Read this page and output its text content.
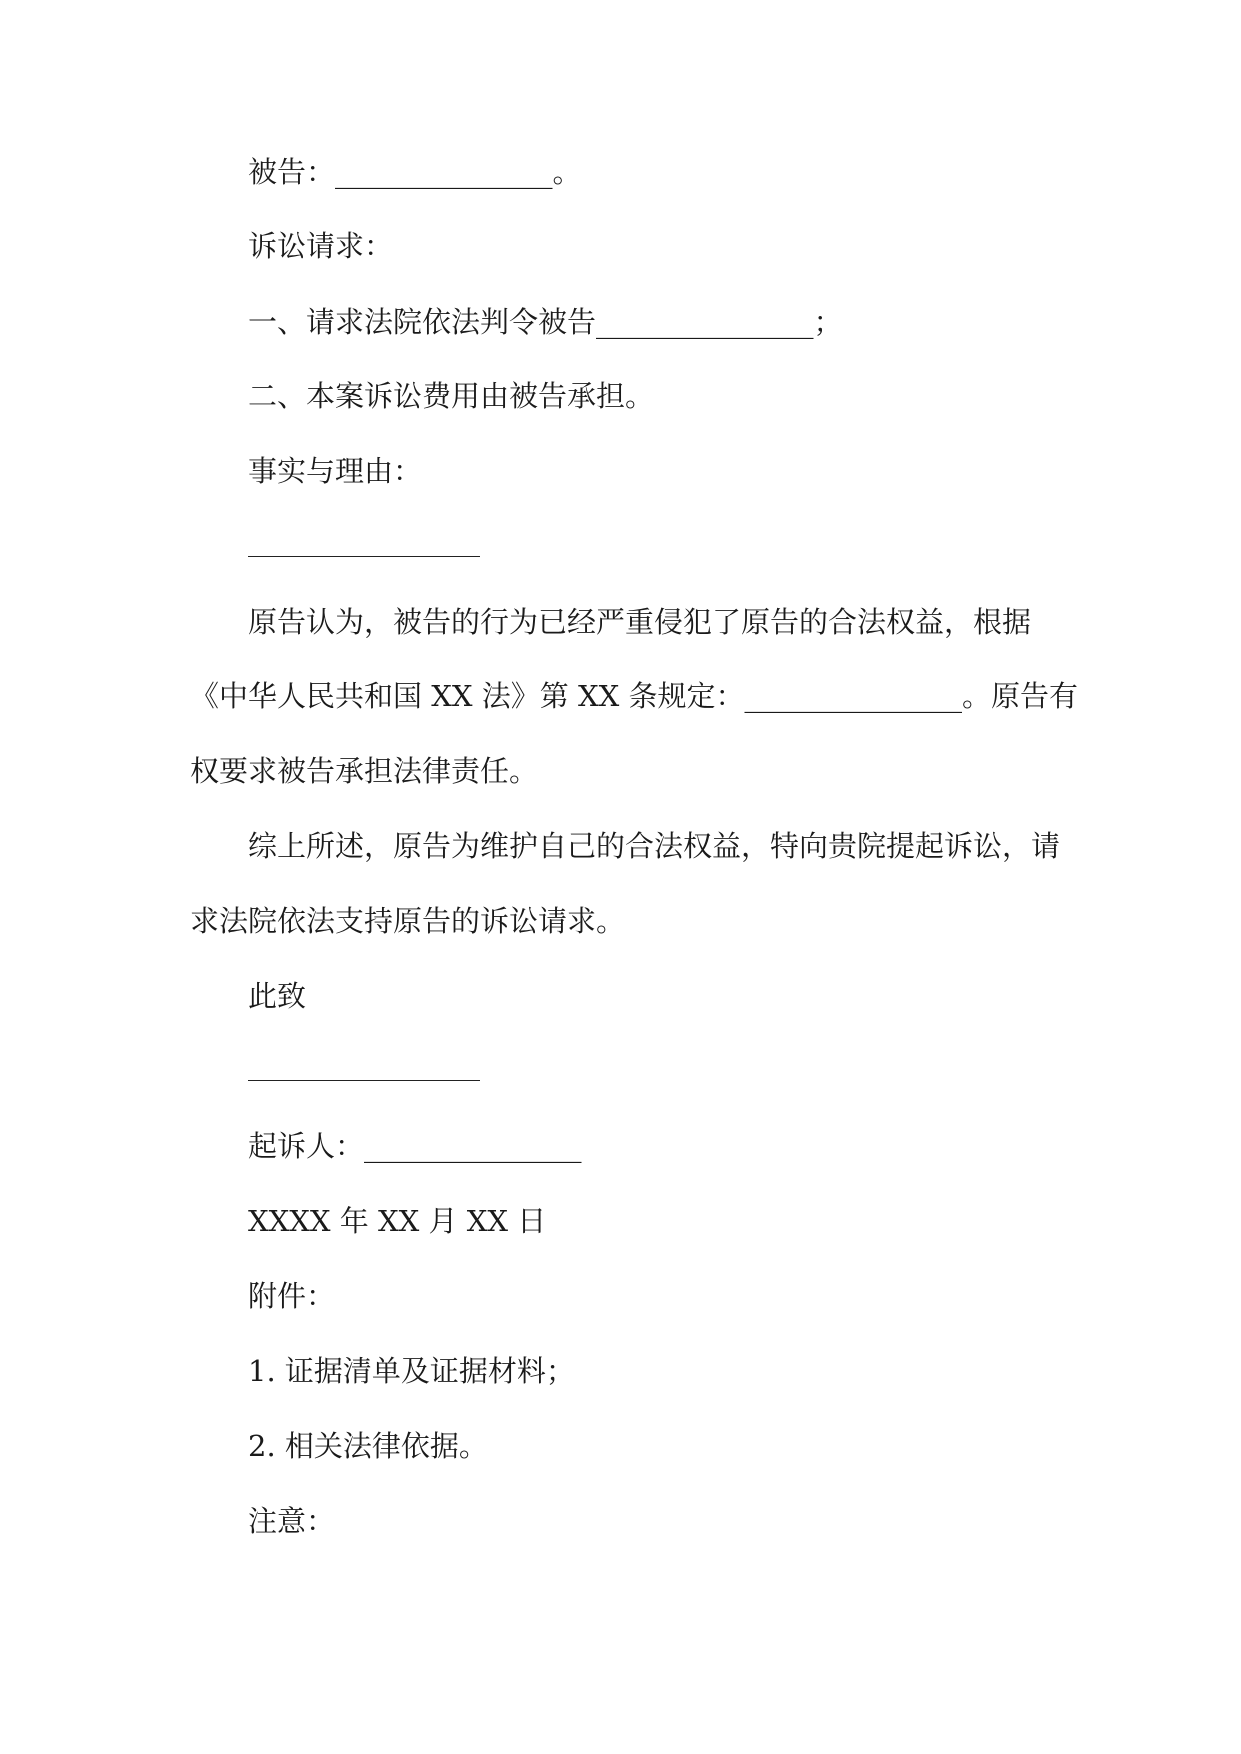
被告：_______________。
诉讼请求：
一、请求法院依法判令被告_______________；
二、本案诉讼费用由被告承担。
事实与理由：
原告认为，被告的行为已经严重侵犯了原告的合法权益，根据
《中华人民共和国 XX 法》第 XX 条规定：_______________。原告有
权要求被告承担法律责任。
综上所述，原告为维护自己的合法权益，特向贵院提起诉讼，请
求法院依法支持原告的诉讼请求。
此致
起诉人：_______________
XXXX 年 XX 月 XX 日
附件：
1. 证据清单及证据材料；
2. 相关法律依据。
注意：
